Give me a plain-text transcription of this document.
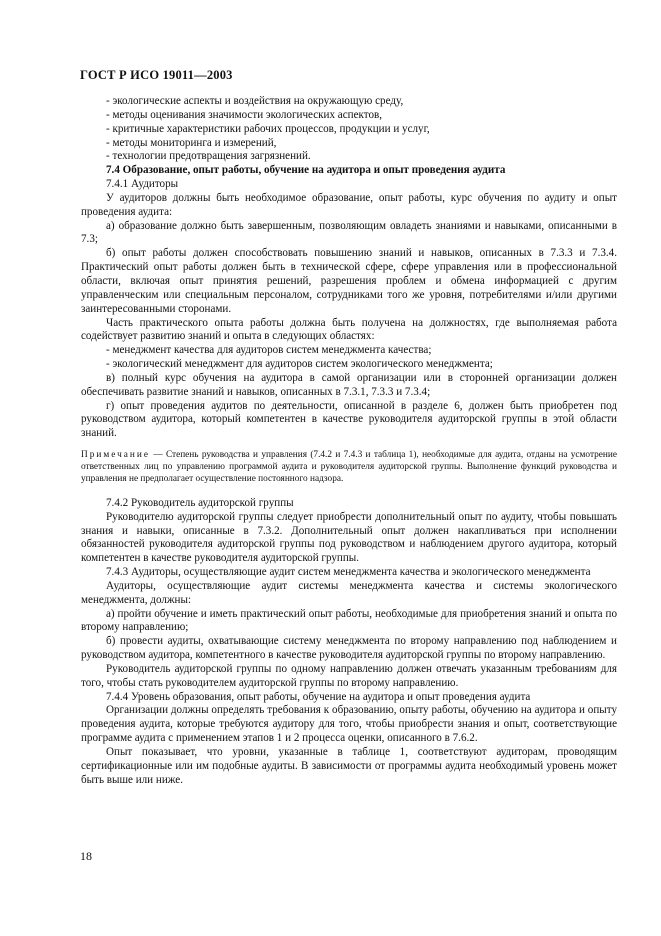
ГОСТ Р ИСО 19011—2003

- экологические аспекты и воздействия на окружающую среду,

- методы оценивания значимости экологических аспектов,

- критичные характеристики рабочих процессов, продукции и услуг,

- методы мониторинга и измерений,

- технологии предотвращения загрязнений.

7.4 Образование, опыт работы, обучение на аудитора и опыт проведения аудита

7.4.1 Аудиторы

У аудиторов должны быть необходимое образование, опыт работы, курс обучения по аудиту и опыт проведения аудита:

а) образование должно быть завершенным, позволяющим овладеть знаниями и навыками, описанными в 7.3;

б) опыт работы должен способствовать повышению знаний и навыков, описанных в 7.3.3 и 7.3.4. Практический опыт работы должен быть в технической сфере, сфере управления или в профессиональной области, включая опыт принятия решений, разрешения проблем и обмена информацией с другим управленческим или специальным персоналом, сотрудниками того же уровня, потребителями и/или другими заинтересованными сторонами.

Часть практического опыта работы должна быть получена на должностях, где выполняемая работа содействует развитию знаний и опыта в следующих областях:

- менеджмент качества для аудиторов систем менеджмента качества;

- экологический менеджмент для аудиторов систем экологического менеджмента;

в) полный курс обучения на аудитора в самой организации или в сторонней организации должен обеспечивать развитие знаний и навыков, описанных в 7.3.1, 7.3.3 и 7.3.4;

г) опыт проведения аудитов по деятельности, описанной в разделе 6, должен быть приобретен под руководством аудитора, который компетентен в качестве руководителя аудиторской группы в этой области знаний.

Примечание — Степень руководства и управления (7.4.2 и 7.4.3 и таблица 1), необходимые для аудита, отданы на усмотрение ответственных лиц по управлению программой аудита и руководителя аудиторской группы. Выполнение функций руководства и управления не предполагает осуществление постоянного надзора.

7.4.2 Руководитель аудиторской группы

Руководителю аудиторской группы следует приобрести дополнительный опыт по аудиту, чтобы повышать знания и навыки, описанные в 7.3.2. Дополнительный опыт должен накапливаться при исполнении обязанностей руководителя аудиторской группы под руководством и наблюдением другого аудитора, который компетентен в качестве руководителя аудиторской группы.

7.4.3 Аудиторы, осуществляющие аудит систем менеджмента качества и экологического менеджмента

Аудиторы, осуществляющие аудит системы менеджмента качества и системы экологического менеджмента, должны:

а) пройти обучение и иметь практический опыт работы, необходимые для приобретения знаний и опыта по второму направлению;

б) провести аудиты, охватывающие систему менеджмента по второму направлению под наблюдением и руководством аудитора, компетентного в качестве руководителя аудиторской группы по второму направлению.

Руководитель аудиторской группы по одному направлению должен отвечать указанным требованиям для того, чтобы стать руководителем аудиторской группы по второму направлению.

7.4.4 Уровень образования, опыт работы, обучение на аудитора и опыт проведения аудита

Организации должны определять требования к образованию, опыту работы, обучению на аудитора и опыту проведения аудита, которые требуются аудитору для того, чтобы приобрести знания и опыт, соответствующие программе аудита с применением этапов 1 и 2 процесса оценки, описанного в 7.6.2.

Опыт показывает, что уровни, указанные в таблице 1, соответствуют аудиторам, проводящим сертификационные или им подобные аудиты. В зависимости от программы аудита необходимый уровень может быть выше или ниже.

18
